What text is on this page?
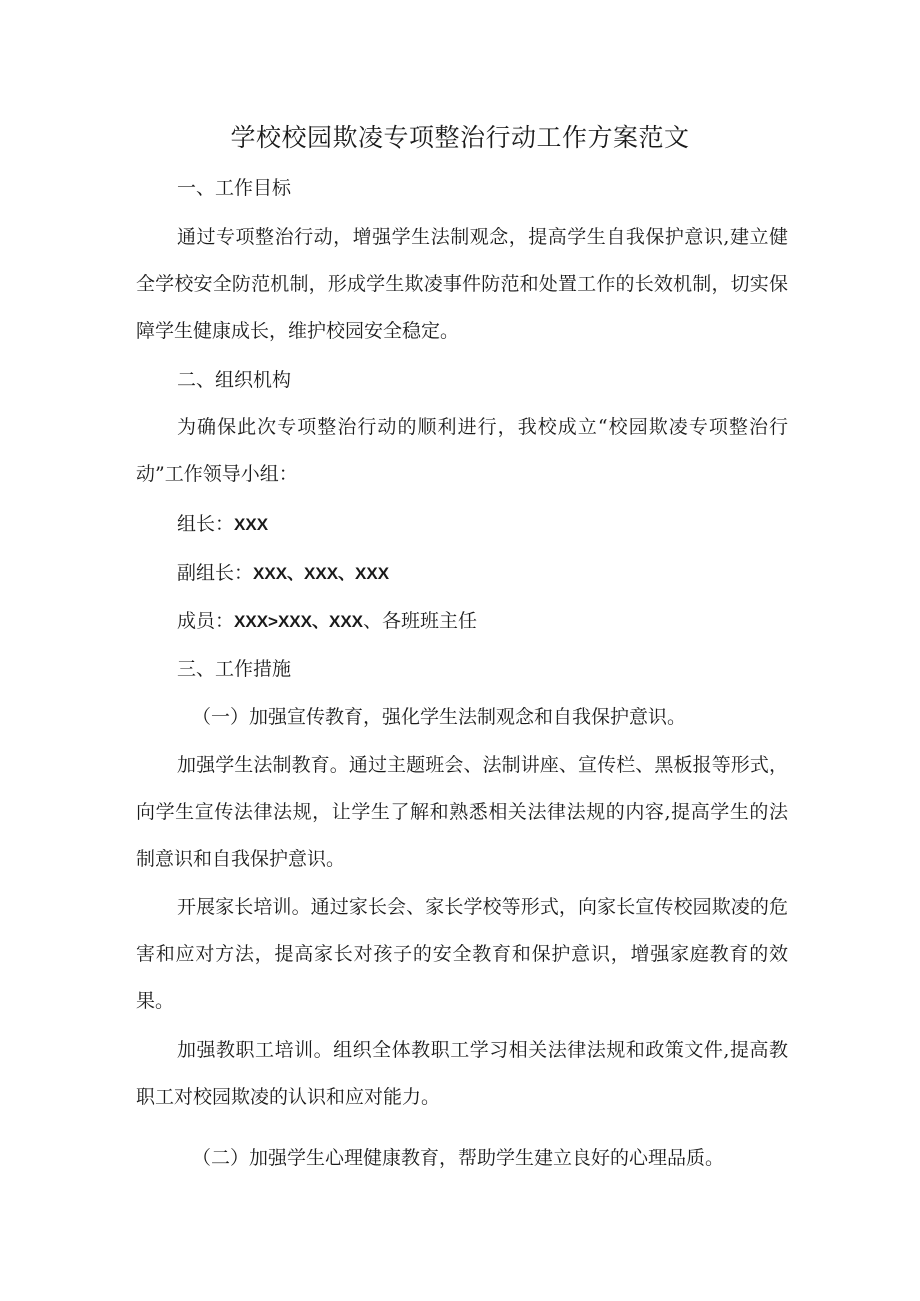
学校校园欺凌专项整治行动工作方案范文
一、工作目标
通过专项整治行动，增强学生法制观念，提高学生自我保护意识,建立健全学校安全防范机制，形成学生欺凌事件防范和处置工作的长效机制，切实保障学生健康成长，维护校园安全稳定。
二、组织机构
为确保此次专项整治行动的顺利进行，我校成立“校园欺凌专项整治行动”工作领导小组：
组长：XXX
副组长：XXX、XXX、XXX
成员：XXX>XXX、XXX、各班班主任
三、工作措施
（一）加强宣传教育，强化学生法制观念和自我保护意识。
加强学生法制教育。通过主题班会、法制讲座、宣传栏、黑板报等形式，向学生宣传法律法规，让学生了解和熟悉相关法律法规的内容,提高学生的法制意识和自我保护意识。
开展家长培训。通过家长会、家长学校等形式，向家长宣传校园欺凌的危害和应对方法，提高家长对孩子的安全教育和保护意识，增强家庭教育的效果。
加强教职工培训。组织全体教职工学习相关法律法规和政策文件,提高教职工对校园欺凌的认识和应对能力。
（二）加强学生心理健康教育，帮助学生建立良好的心理品质。
